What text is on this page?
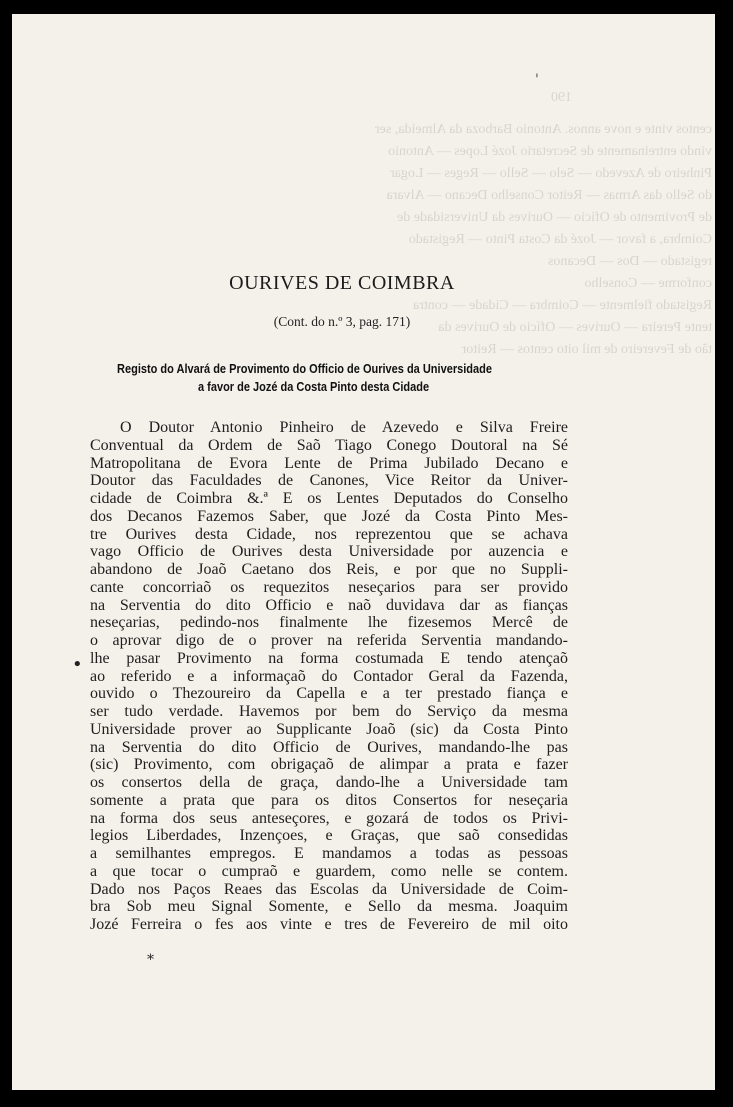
190
centos vinte e nove annos. Antonio Barboza da Almeida, ser
vindo entreinamente de Secretario Jozé Lopes — Antonio
Pinheiro de Azevedo — Selo — Sello — Reges — Logar
do Sello das Armas — Reitor Conselho Decano — Alvara
de Provimento de Oficio — Ourives da Universidade de
Coimbra, a favor — Jozé da Costa Pinto — Registado
registado — Dos — Decanos
conforme — Conselho
Registado fielmente — Coimbra — Cidade — contra
tente Pereira — Ourives — Ofício de Ourives da
tão de Fevereiro de mil oito centos — Reitor
'
OURIVES DE COIMBRA
(Cont. do n.º 3, pag. 171)
Registo do Alvará de Provimento do Officio de Ourives da Universidade
a favor de Jozé da Costa Pinto desta Cidade
O Doutor Antonio Pinheiro de Azevedo e Silva Freire
Conventual da Ordem de Saõ Tiago Conego Doutoral na Sé
Matropolitana de Evora Lente de Prima Jubilado Decano e
Doutor das Faculdades de Canones, Vice Reitor da Univer-
cidade de Coimbra &.ª E os Lentes Deputados do Conselho
dos Decanos Fazemos Saber, que Jozé da Costa Pinto Mes-
tre Ourives desta Cidade, nos reprezentou que se achava
vago Officio de Ourives desta Universidade por auzencia e
abandono de Joaõ Caetano dos Reis, e por que no Suppli-
cante concorriaõ os requezitos neseçarios para ser provido
na Serventia do dito Officio e naõ duvidava dar as fianças
neseçarias, pedindo-nos finalmente lhe fizesemos Mercê de
o aprovar digo de o prover na referida Serventia mandando-
lhe pasar Provimento na forma costumada E tendo atençaõ
ao referido e a informaçaõ do Contador Geral da Fazenda,
ouvido o Thezoureiro da Capella e a ter prestado fiança e
ser tudo verdade. Havemos por bem do Serviço da mesma
Universidade prover ao Supplicante Joaõ (sic) da Costa Pinto
na Serventia do dito Officio de Ourives, mandando-lhe pas
(sic) Provimento, com obrigaçaõ de alimpar a prata e fazer
os consertos della de graça, dando-lhe a Universidade tam
somente a prata que para os ditos Consertos for neseçaria
na forma dos seus anteseçores, e gozará de todos os Privi-
legios Liberdades, Inzençoes, e Graças, que saõ consedidas
a semilhantes empregos. E mandamos a todas as pessoas
a que tocar o cumpraõ e guardem, como nelle se contem.
Dado nos Paços Reaes das Escolas da Universidade de Coim-
bra Sob meu Signal Somente, e Sello da mesma. Joaquim
Jozé Ferreira o fes aos vinte e tres de Fevereiro de mil oito
•
*
